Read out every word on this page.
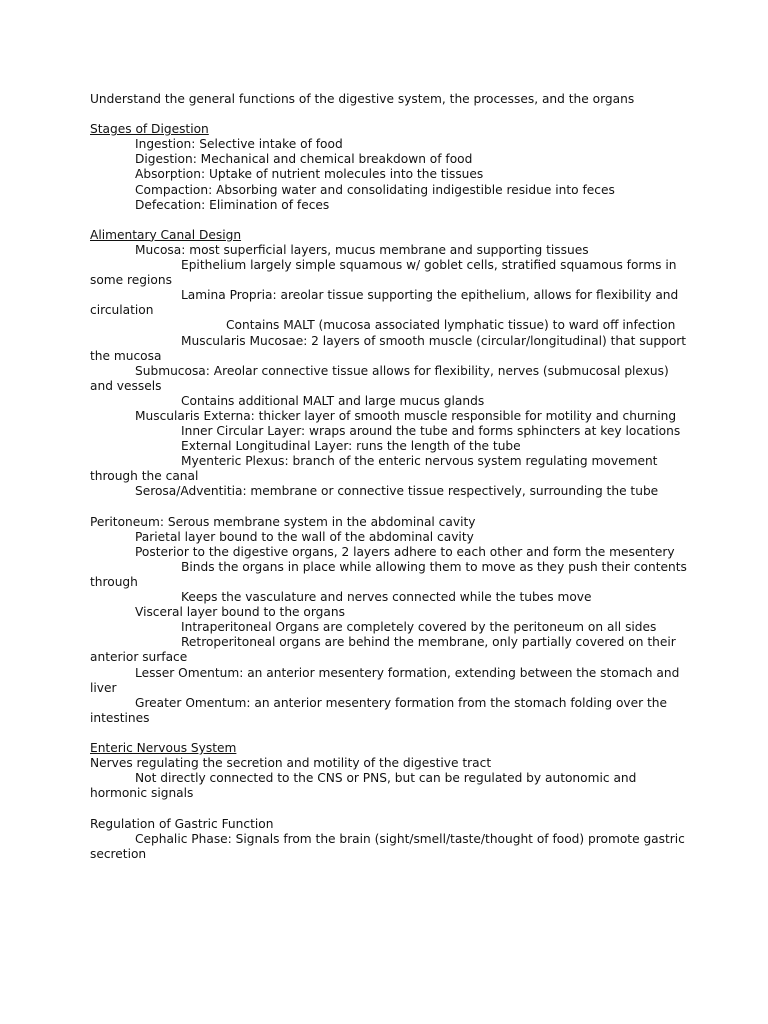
Understand the general functions of the digestive system, the processes, and the organs
Stages of Digestion
Ingestion: Selective intake of food
Digestion: Mechanical and chemical breakdown of food
Absorption: Uptake of nutrient molecules into the tissues
Compaction: Absorbing water and consolidating indigestible residue into feces
Defecation: Elimination of feces
Alimentary Canal Design
Mucosa: most superficial layers, mucus membrane and supporting tissues
Epithelium largely simple squamous w/ goblet cells, stratified squamous forms in some regions
Lamina Propria: areolar tissue supporting the epithelium, allows for flexibility and circulation
Contains MALT (mucosa associated lymphatic tissue) to ward off infection
Muscularis Mucosae: 2 layers of smooth muscle (circular/longitudinal) that support the mucosa
Submucosa: Areolar connective tissue allows for flexibility, nerves (submucosal plexus) and vessels
Contains additional MALT and large mucus glands
Muscularis Externa: thicker layer of smooth muscle responsible for motility and churning
Inner Circular Layer: wraps around the tube and forms sphincters at key locations
External Longitudinal Layer: runs the length of the tube
Myenteric Plexus: branch of the enteric nervous system regulating movement through the canal
Serosa/Adventitia: membrane or connective tissue respectively, surrounding the tube
Peritoneum: Serous membrane system in the abdominal cavity
Parietal layer bound to the wall of the abdominal cavity
Posterior to the digestive organs, 2 layers adhere to each other and form the mesentery
Binds the organs in place while allowing them to move as they push their contents through
Keeps the vasculature and nerves connected while the tubes move
Visceral layer bound to the organs
Intraperitoneal Organs are completely covered by the peritoneum on all sides
Retroperitoneal organs are behind the membrane, only partially covered on their anterior surface
Lesser Omentum: an anterior mesentery formation, extending between the stomach and liver
Greater Omentum: an anterior mesentery formation from the stomach folding over the intestines
Enteric Nervous System
Nerves regulating the secretion and motility of the digestive tract
Not directly connected to the CNS or PNS, but can be regulated by autonomic and hormonic signals
Regulation of Gastric Function
Cephalic Phase: Signals from the brain (sight/smell/taste/thought of food) promote gastric secretion
